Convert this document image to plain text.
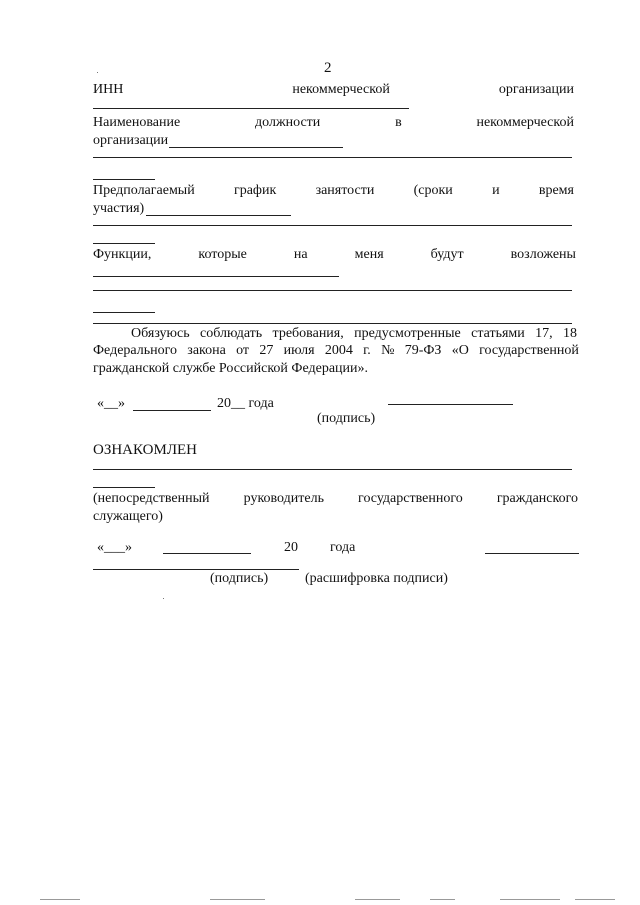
2
ИНН	некоммерческой	организации
Наименование	должности	в	некоммерческой
организации
Предполагаемый	график	занятости	(сроки	и	время
участия)
Функции,	которые	на	меня	будут	возложены
Обязуюсь соблюдать требования, предусмотренные статьями 17, 18
Федерального закона от 27 июля 2004 г. № 79-ФЗ «О государственной
гражданской службе Российской Федерации».
«__»	20__ года
(подпись)
ОЗНАКОМЛЕН
(непосредственный руководитель государственного гражданского
служащего)
«___»	20 года
(подпись)	(расшифровка подписи)
